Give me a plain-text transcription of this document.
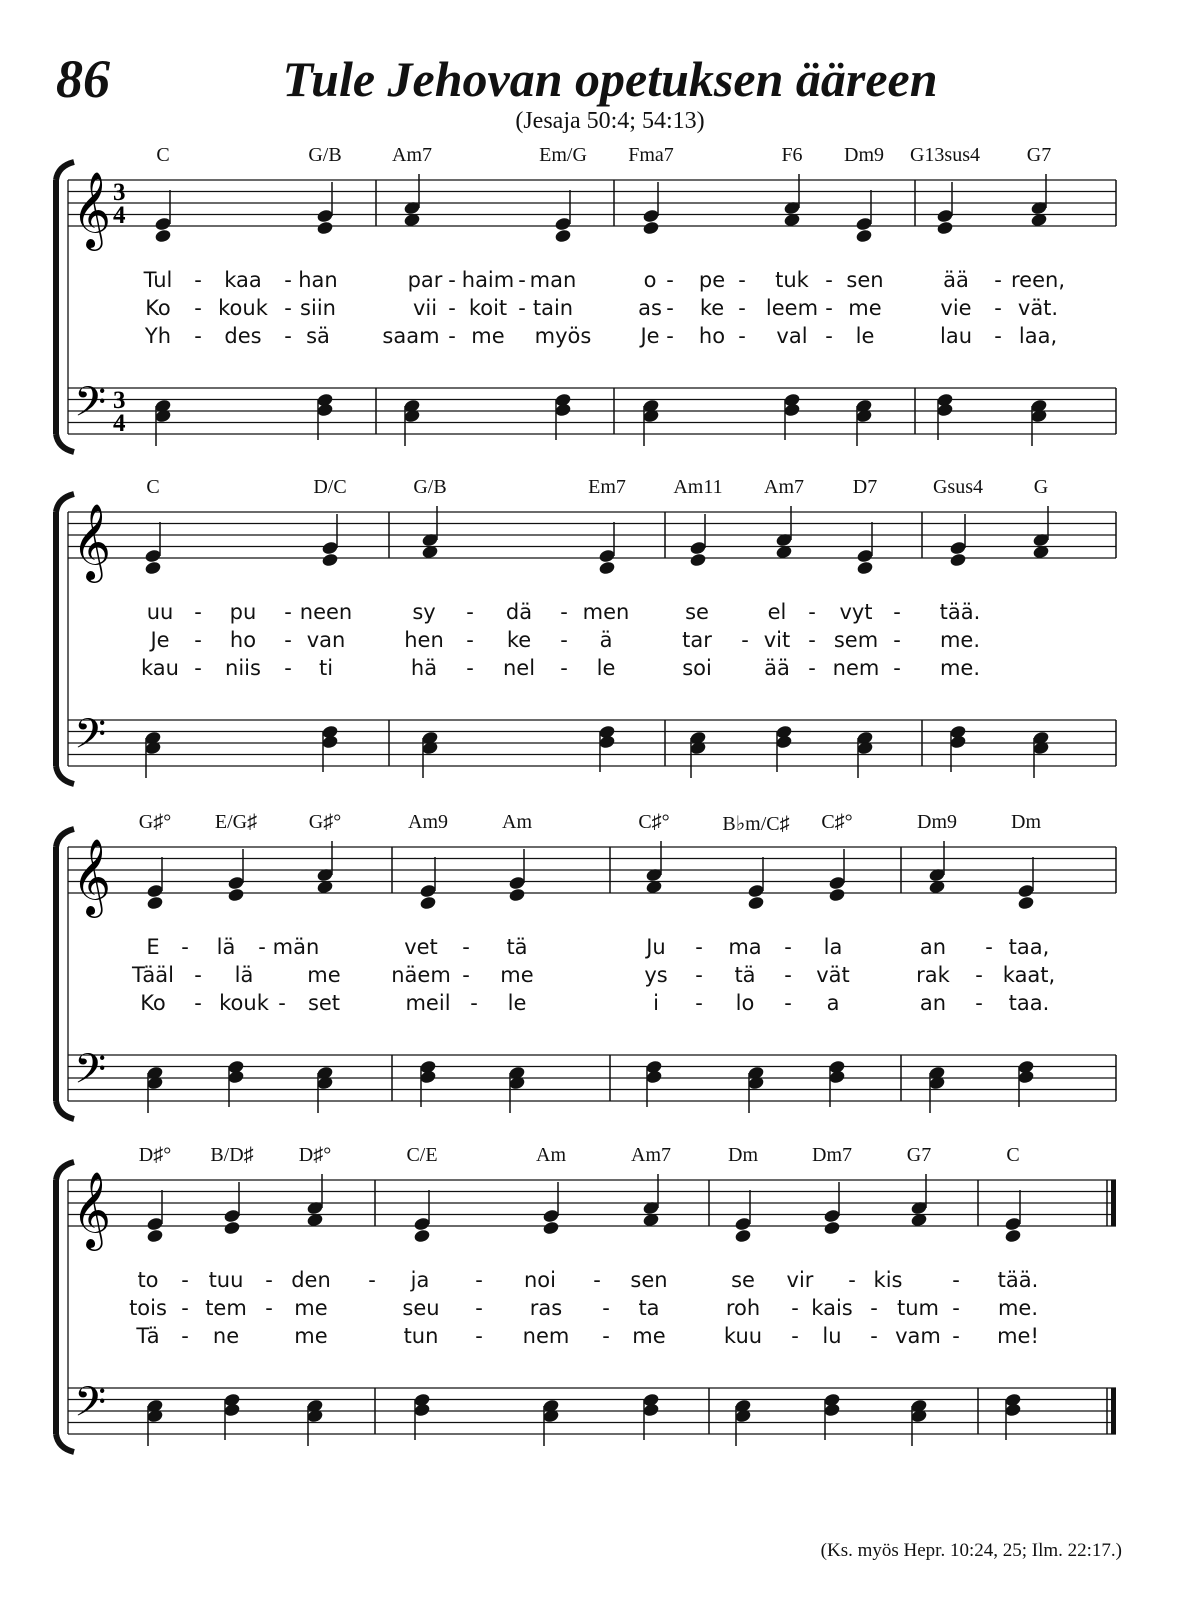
86	Tule Jehovan opetuksen ääreen
(Jesaja 50:4; 54:13)
𝄞
𝄢
3
4
3
4
C	G/B	Am7	Em/G Fma7	F6 Dm9 G13sus4 G7
Tul - kaa - han	par - haim - man	o - pe - tuk - sen	ää - reen,
Ko - kouk - siin	vii - koit - tain	as - ke - leem - me	vie - vät.
Yh - des - sä	saam - me myös Je - ho - val - le	lau - laa,
𝄞
𝄢
C	D/C	G/B	Em7 Am11 Am7 D7	Gsus4	G
uu - pu - neen	sy - dä - men	se	el - vyt - tää.
Je - ho - van	hen - ke - ä	tar - vit - sem - me.
kau - niis - ti	hä - nel - le	soi ää - nem - me.
𝄞
𝄢
G♯° E/G♯	G♯°	Am9	Am	C♯°	B♭m/C♯ C♯°	Dm9	Dm
E - lä - män	vet - tä	Ju - ma - la	an - taa,
Tääl - lä	me näem - me	ys - tä - vät	rak - kaat,
Ko - kouk - set	meil - le	i - lo - a	an - taa.
𝄞
𝄢
D♯° B/D♯ D♯°	C/E	Am	Am7	Dm	Dm7	G7	C
to - tuu - den - ja - noi - sen	se vir - kis - tää.
tois - tem - me	seu - ras - ta	roh - kais - tum - me.
Tä - ne	me	tun - nem - me	kuu - lu - vam - me!
(Ks. myös Hepr. 10:24, 25; Ilm. 22:17.)
